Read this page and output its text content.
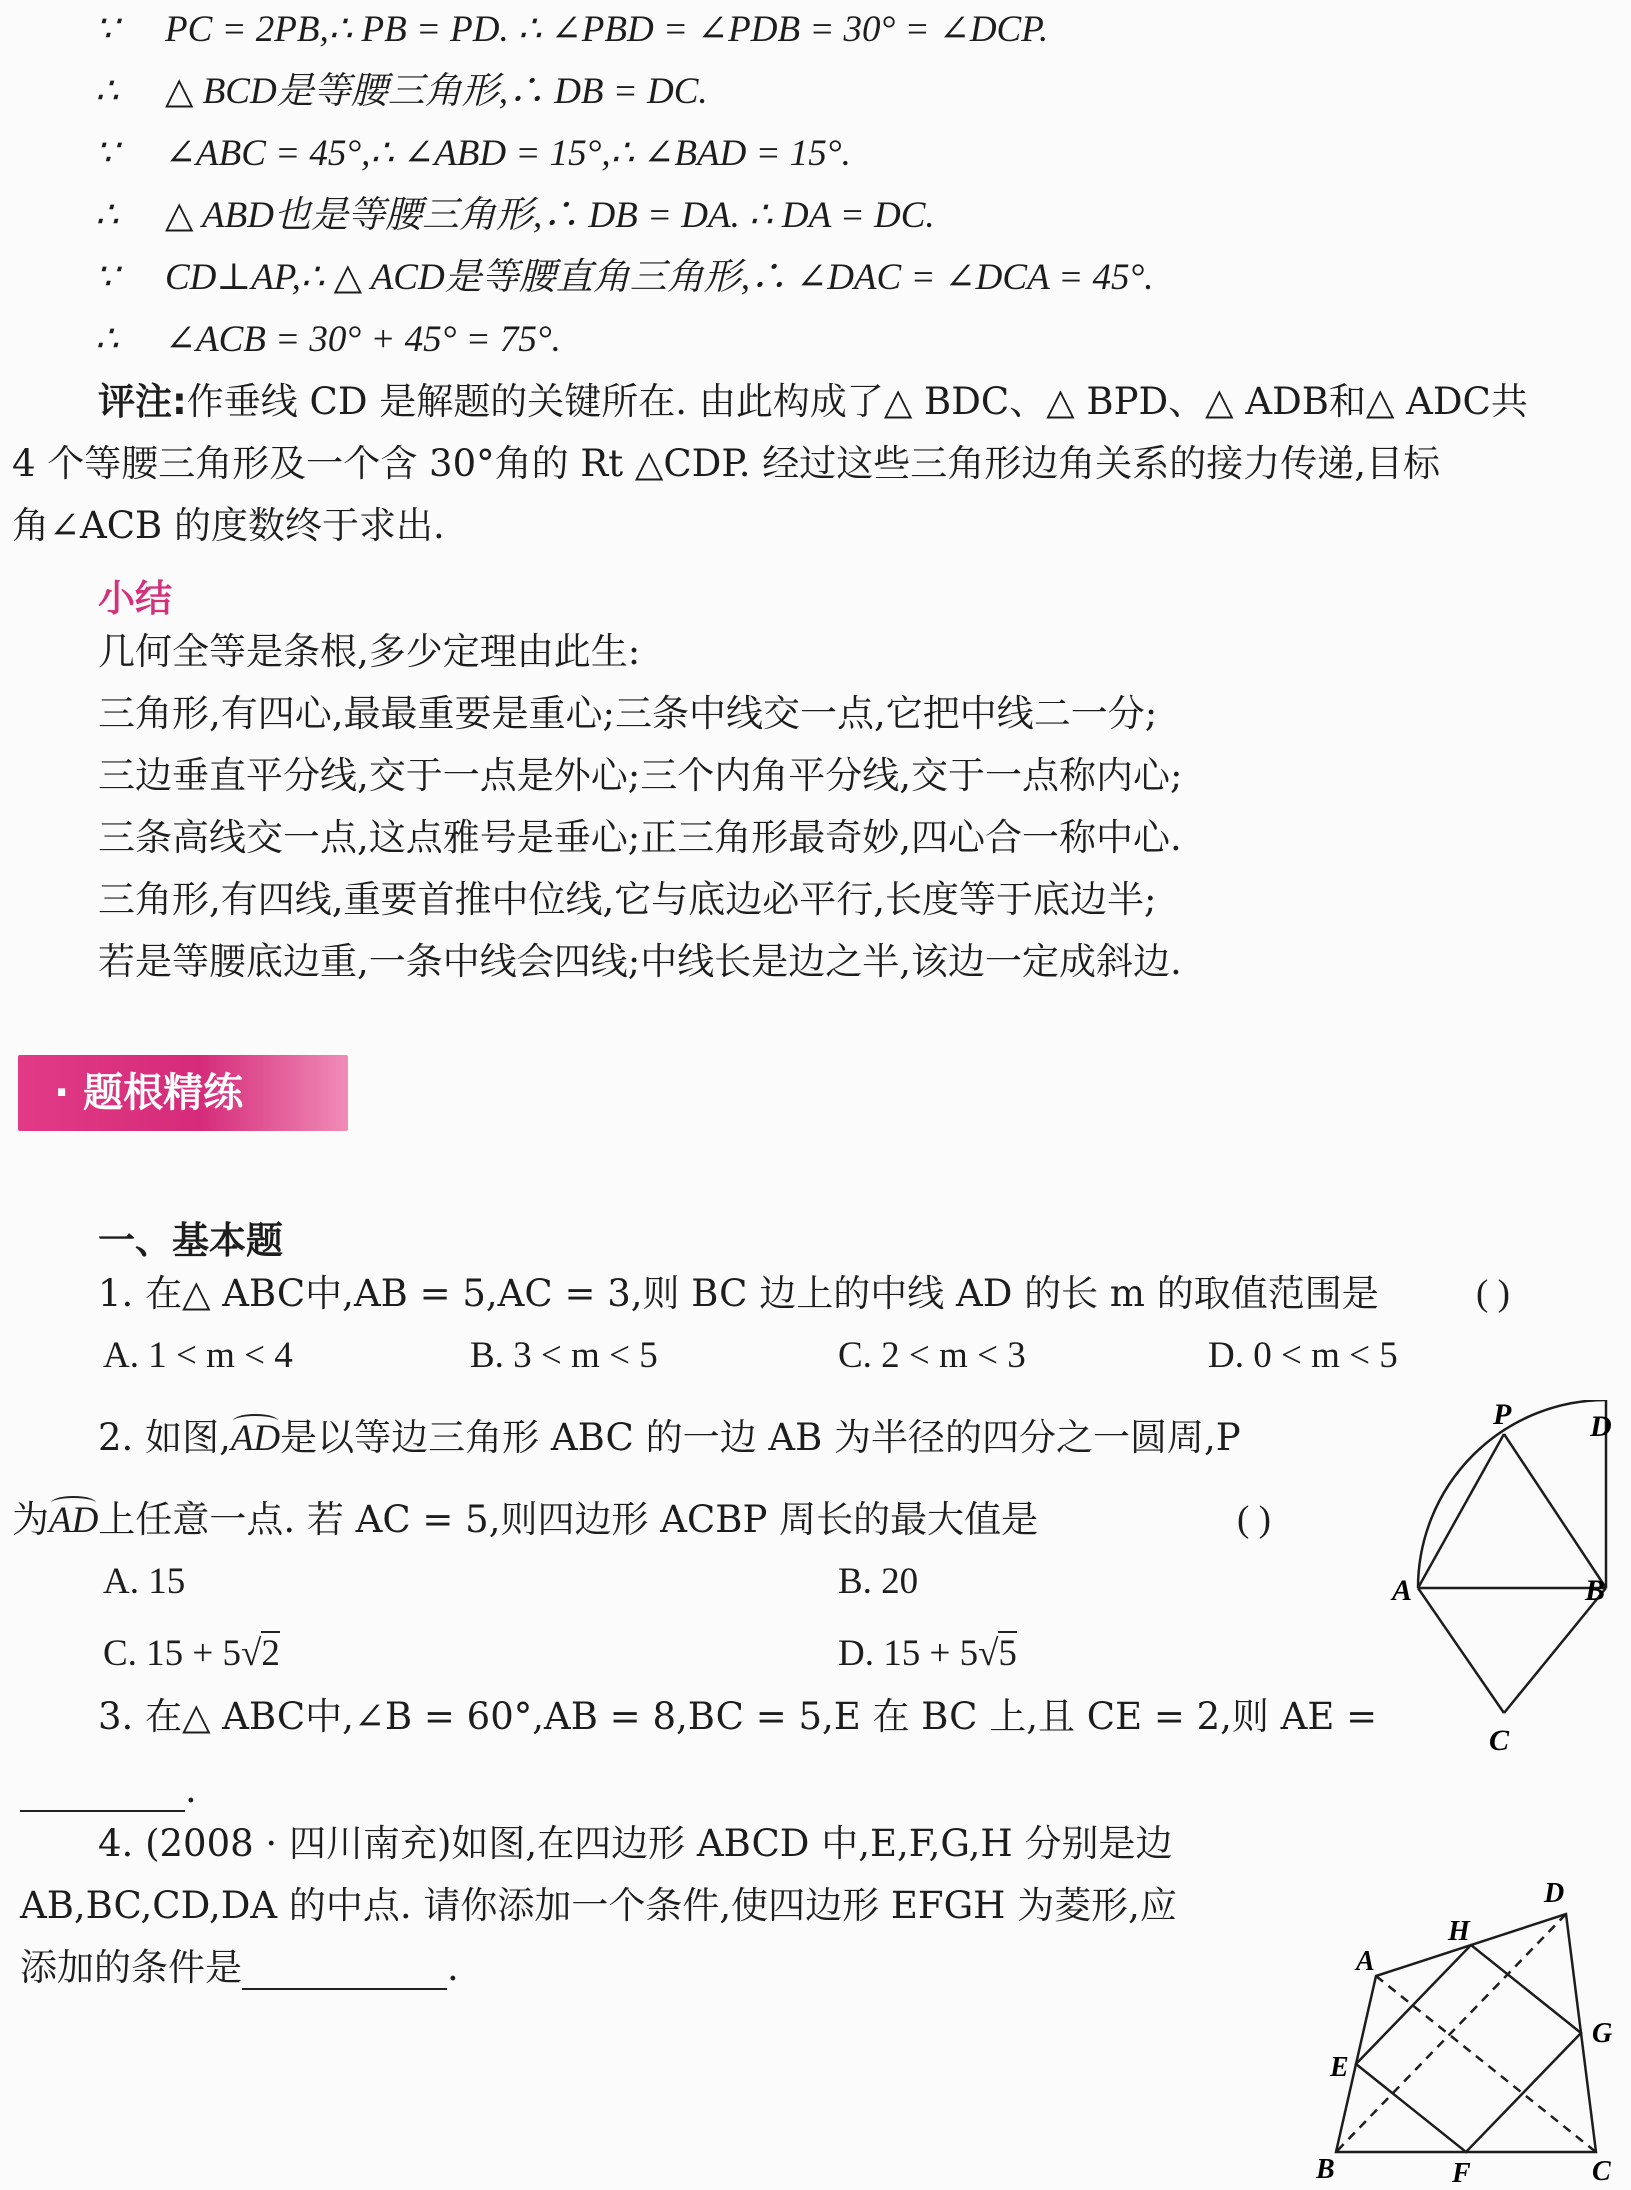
∵ PC = 2PB,∴ PB = PD. ∴ ∠PBD = ∠PDB = 30° = ∠DCP.
∴ △ BCD是等腰三角形,∴ DB = DC.
∵ ∠ABC = 45°,∴ ∠ABD = 15°,∴ ∠BAD = 15°.
∴ △ ABD也是等腰三角形,∴ DB = DA. ∴ DA = DC.
∵ CD⊥AP,∴ △ ACD是等腰直角三角形,∴ ∠DAC = ∠DCA = 45°.
∴ ∠ACB = 30° + 45° = 75°.
评注:作垂线 CD 是解题的关键所在. 由此构成了△ BDC、△ BPD、△ ADB和△ ADC共
4 个等腰三角形及一个含 30°角的 Rt △CDP. 经过这些三角形边角关系的接力传递,目标
角∠ACB 的度数终于求出.
小结
几何全等是条根,多少定理由此生:
三角形,有四心,最最重要是重心;三条中线交一点,它把中线二一分;
三边垂直平分线,交于一点是外心;三个内角平分线,交于一点称内心;
三条高线交一点,这点雅号是垂心;正三角形最奇妙,四心合一称中心.
三角形,有四线,重要首推中位线,它与底边必平行,长度等于底边半;
若是等腰底边重,一条中线会四线;中线长是边之半,该边一定成斜边.
· 题根精练
一、基本题
1. 在△ ABC中,AB = 5,AC = 3,则 BC 边上的中线 AD 的长 m 的取值范围是	( )
A. 1 < m < 4	B. 3 < m < 5	C. 2 < m < 3	D. 0 < m < 5
2. 如图,AD
是以等边三角形 ABC 的一边 AB 为半径的四分之一圆周,P
为AD
上任意一点. 若 AC = 5,则四边形 ACBP 周长的最大值是	( )
A. 15	B. 20
C. 15 + 5√2	D. 15 + 5√5
3. 在△ ABC中,∠B = 60°,AB = 8,BC = 5,E 在 BC 上,且 CE = 2,则 AE =
.
4. (2008 · 四川南充)如图,在四边形 ABCD 中,E,F,G,H 分别是边
AB,BC,CD,DA 的中点. 请你添加一个条件,使四边形 EFGH 为菱形,应
添加的条件是	.
P	D
A	B
C
A
B	C
D
E
F
G
H
